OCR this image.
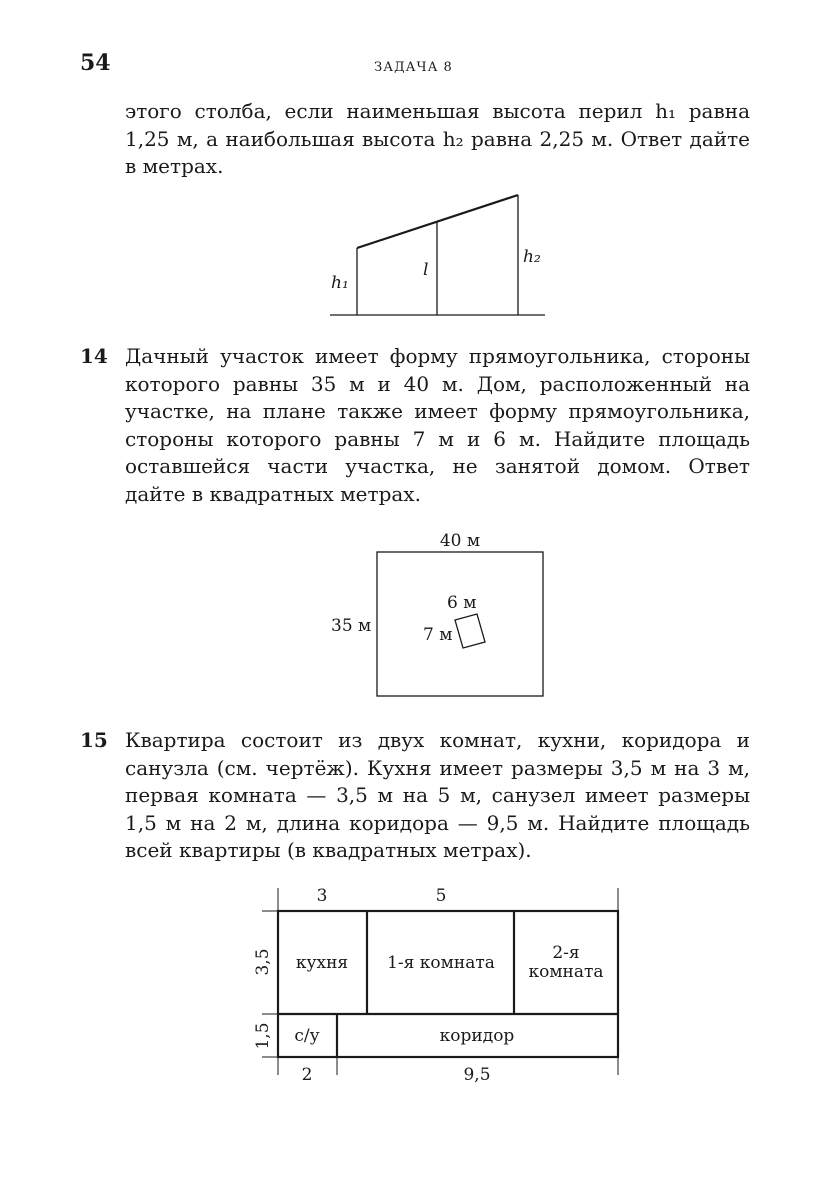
54	ЗАДАЧА 8

этого столба, если наименьшая высота перил h₁ равна 1,25 м, а наибольшая высота h₂ равна 2,25 м. Ответ дайте в метрах.

h₁
l
h₂
14 Дачный участок имеет форму прямоугольника, стороны которого равны 35 м и 40 м. Дом, расположенный на участке, на плане также имеет форму прямоугольника, стороны которого равны 7 м и 6 м. Найдите площадь оставшейся части участка, не занятой домом. Ответ дайте в квадратных метрах.

40 м
35 м
6 м
7 м
15 Квартира состоит из двух комнат, кухни, коридора и санузла (см. чертёж). Кухня имеет размеры 3,5 м на 3 м, первая комната — 3,5 м на 5 м, санузел имеет размеры 1,5 м на 2 м, длина коридора — 9,5 м. Найдите площадь всей квартиры (в квадратных метрах).

3	5
3,5
1,5
2	9,5
кухня 1-я комната	2-я
комната
с/у	коридор
